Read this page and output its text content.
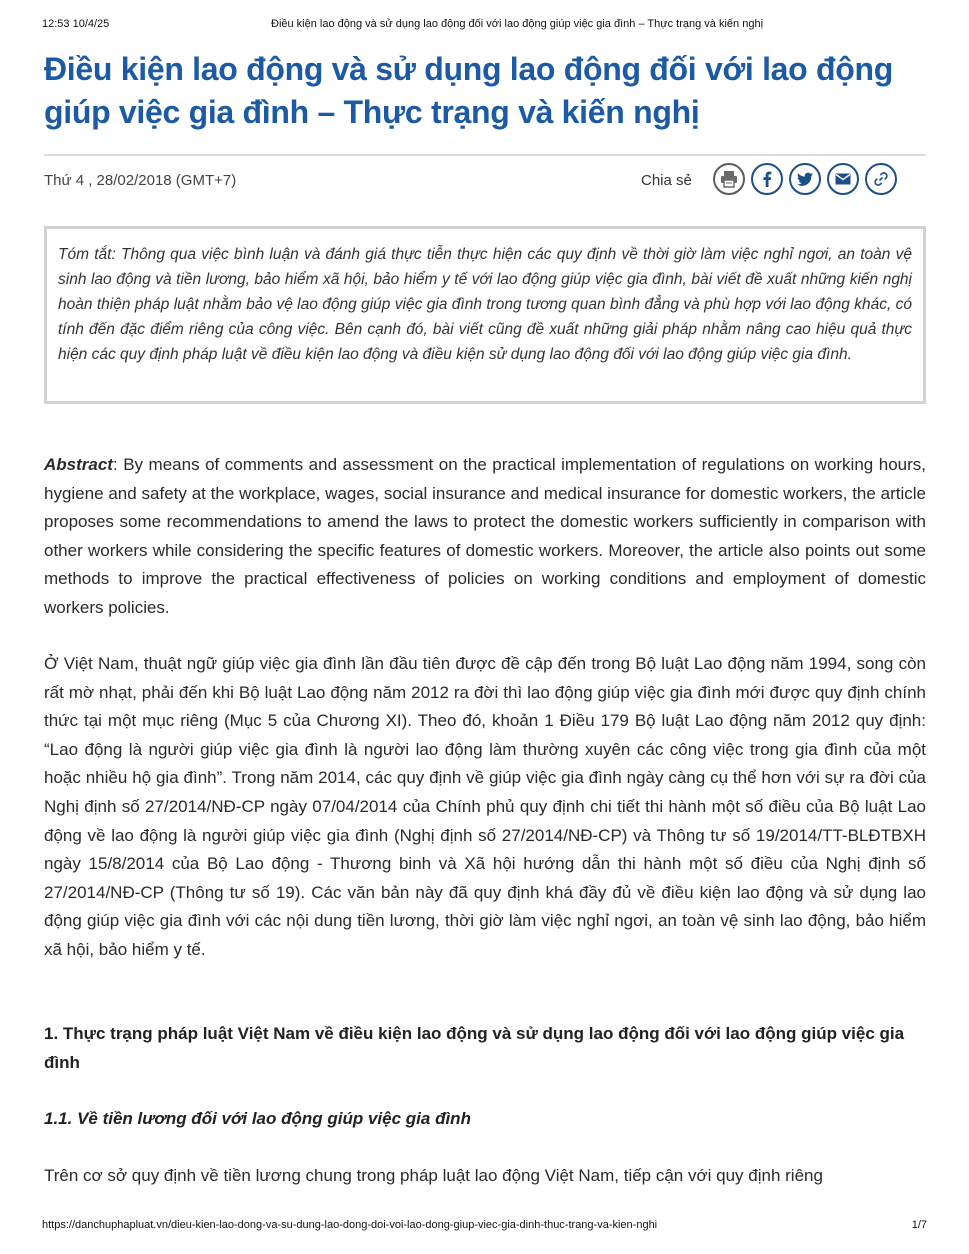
12:53 10/4/25	Điều kiện lao động và sử dụng lao động đối với lao động giúp việc gia đình – Thực trạng và kiến nghị
Điều kiện lao động và sử dụng lao động đối với lao động giúp việc gia đình – Thực trạng và kiến nghị
Thứ 4 , 28/02/2018 (GMT+7)	Chia sẻ

Tóm tắt: Thông qua việc bình luận và đánh giá thực tiễn thực hiện các quy định về thời giờ làm việc nghỉ ngơi, an toàn vệ sinh lao động và tiền lương, bảo hiểm xã hội, bảo hiểm y tế với lao động giúp việc gia đình, bài viết đề xuất những kiến nghị hoàn thiện pháp luật nhằm bảo vệ lao động giúp việc gia đình trong tương quan bình đẳng và phù hợp với lao động khác, có tính đến đặc điểm riêng của công việc. Bên cạnh đó, bài viết cũng đề xuất những giải pháp nhằm nâng cao hiệu quả thực hiện các quy định pháp luật về điều kiện lao động và điều kiện sử dụng lao động đối với lao động giúp việc gia đình.

Abstract: By means of comments and assessment on the practical implementation of regulations on working hours, hygiene and safety at the workplace, wages, social insurance and medical insurance for domestic workers, the article proposes some recommendations to amend the laws to protect the domestic workers sufficiently in comparison with other workers while considering the specific features of domestic workers. Moreover, the article also points out some methods to improve the practical effectiveness of policies on working conditions and employment of domestic workers policies.

Ở Việt Nam, thuật ngữ giúp việc gia đình lần đầu tiên được đề cập đến trong Bộ luật Lao động năm 1994, song còn rất mờ nhạt, phải đến khi Bộ luật Lao động năm 2012 ra đời thì lao động giúp việc gia đình mới được quy định chính thức tại một mục riêng (Mục 5 của Chương XI). Theo đó, khoản 1 Điều 179 Bộ luật Lao động năm 2012 quy định: “Lao động là người giúp việc gia đình là người lao động làm thường xuyên các công việc trong gia đình của một hoặc nhiều hộ gia đình”. Trong năm 2014, các quy định về giúp việc gia đình ngày càng cụ thể hơn với sự ra đời của Nghị định số 27/2014/NĐ-CP ngày 07/04/2014 của Chính phủ quy định chi tiết thi hành một số điều của Bộ luật Lao động về lao động là người giúp việc gia đình (Nghị định số 27/2014/NĐ-CP) và Thông tư số 19/2014/TT-BLĐTBXH ngày 15/8/2014 của Bộ Lao động - Thương binh và Xã hội hướng dẫn thi hành một số điều của Nghị định số 27/2014/NĐ-CP (Thông tư số 19). Các văn bản này đã quy định khá đầy đủ về điều kiện lao động và sử dụng lao động giúp việc gia đình với các nội dung tiền lương, thời giờ làm việc nghỉ ngơi, an toàn vệ sinh lao động, bảo hiểm xã hội, bảo hiểm y tế.

1. Thực trạng pháp luật Việt Nam về điều kiện lao động và sử dụng lao động đối với lao động giúp việc gia đình
1.1. Về tiền lương đối với lao động giúp việc gia đình

Trên cơ sở quy định về tiền lương chung trong pháp luật lao động Việt Nam, tiếp cận với quy định riêng

https://danchuphapluat.vn/dieu-kien-lao-dong-va-su-dung-lao-dong-doi-voi-lao-dong-giup-viec-gia-dinh-thuc-trang-va-kien-nghi	1/7
